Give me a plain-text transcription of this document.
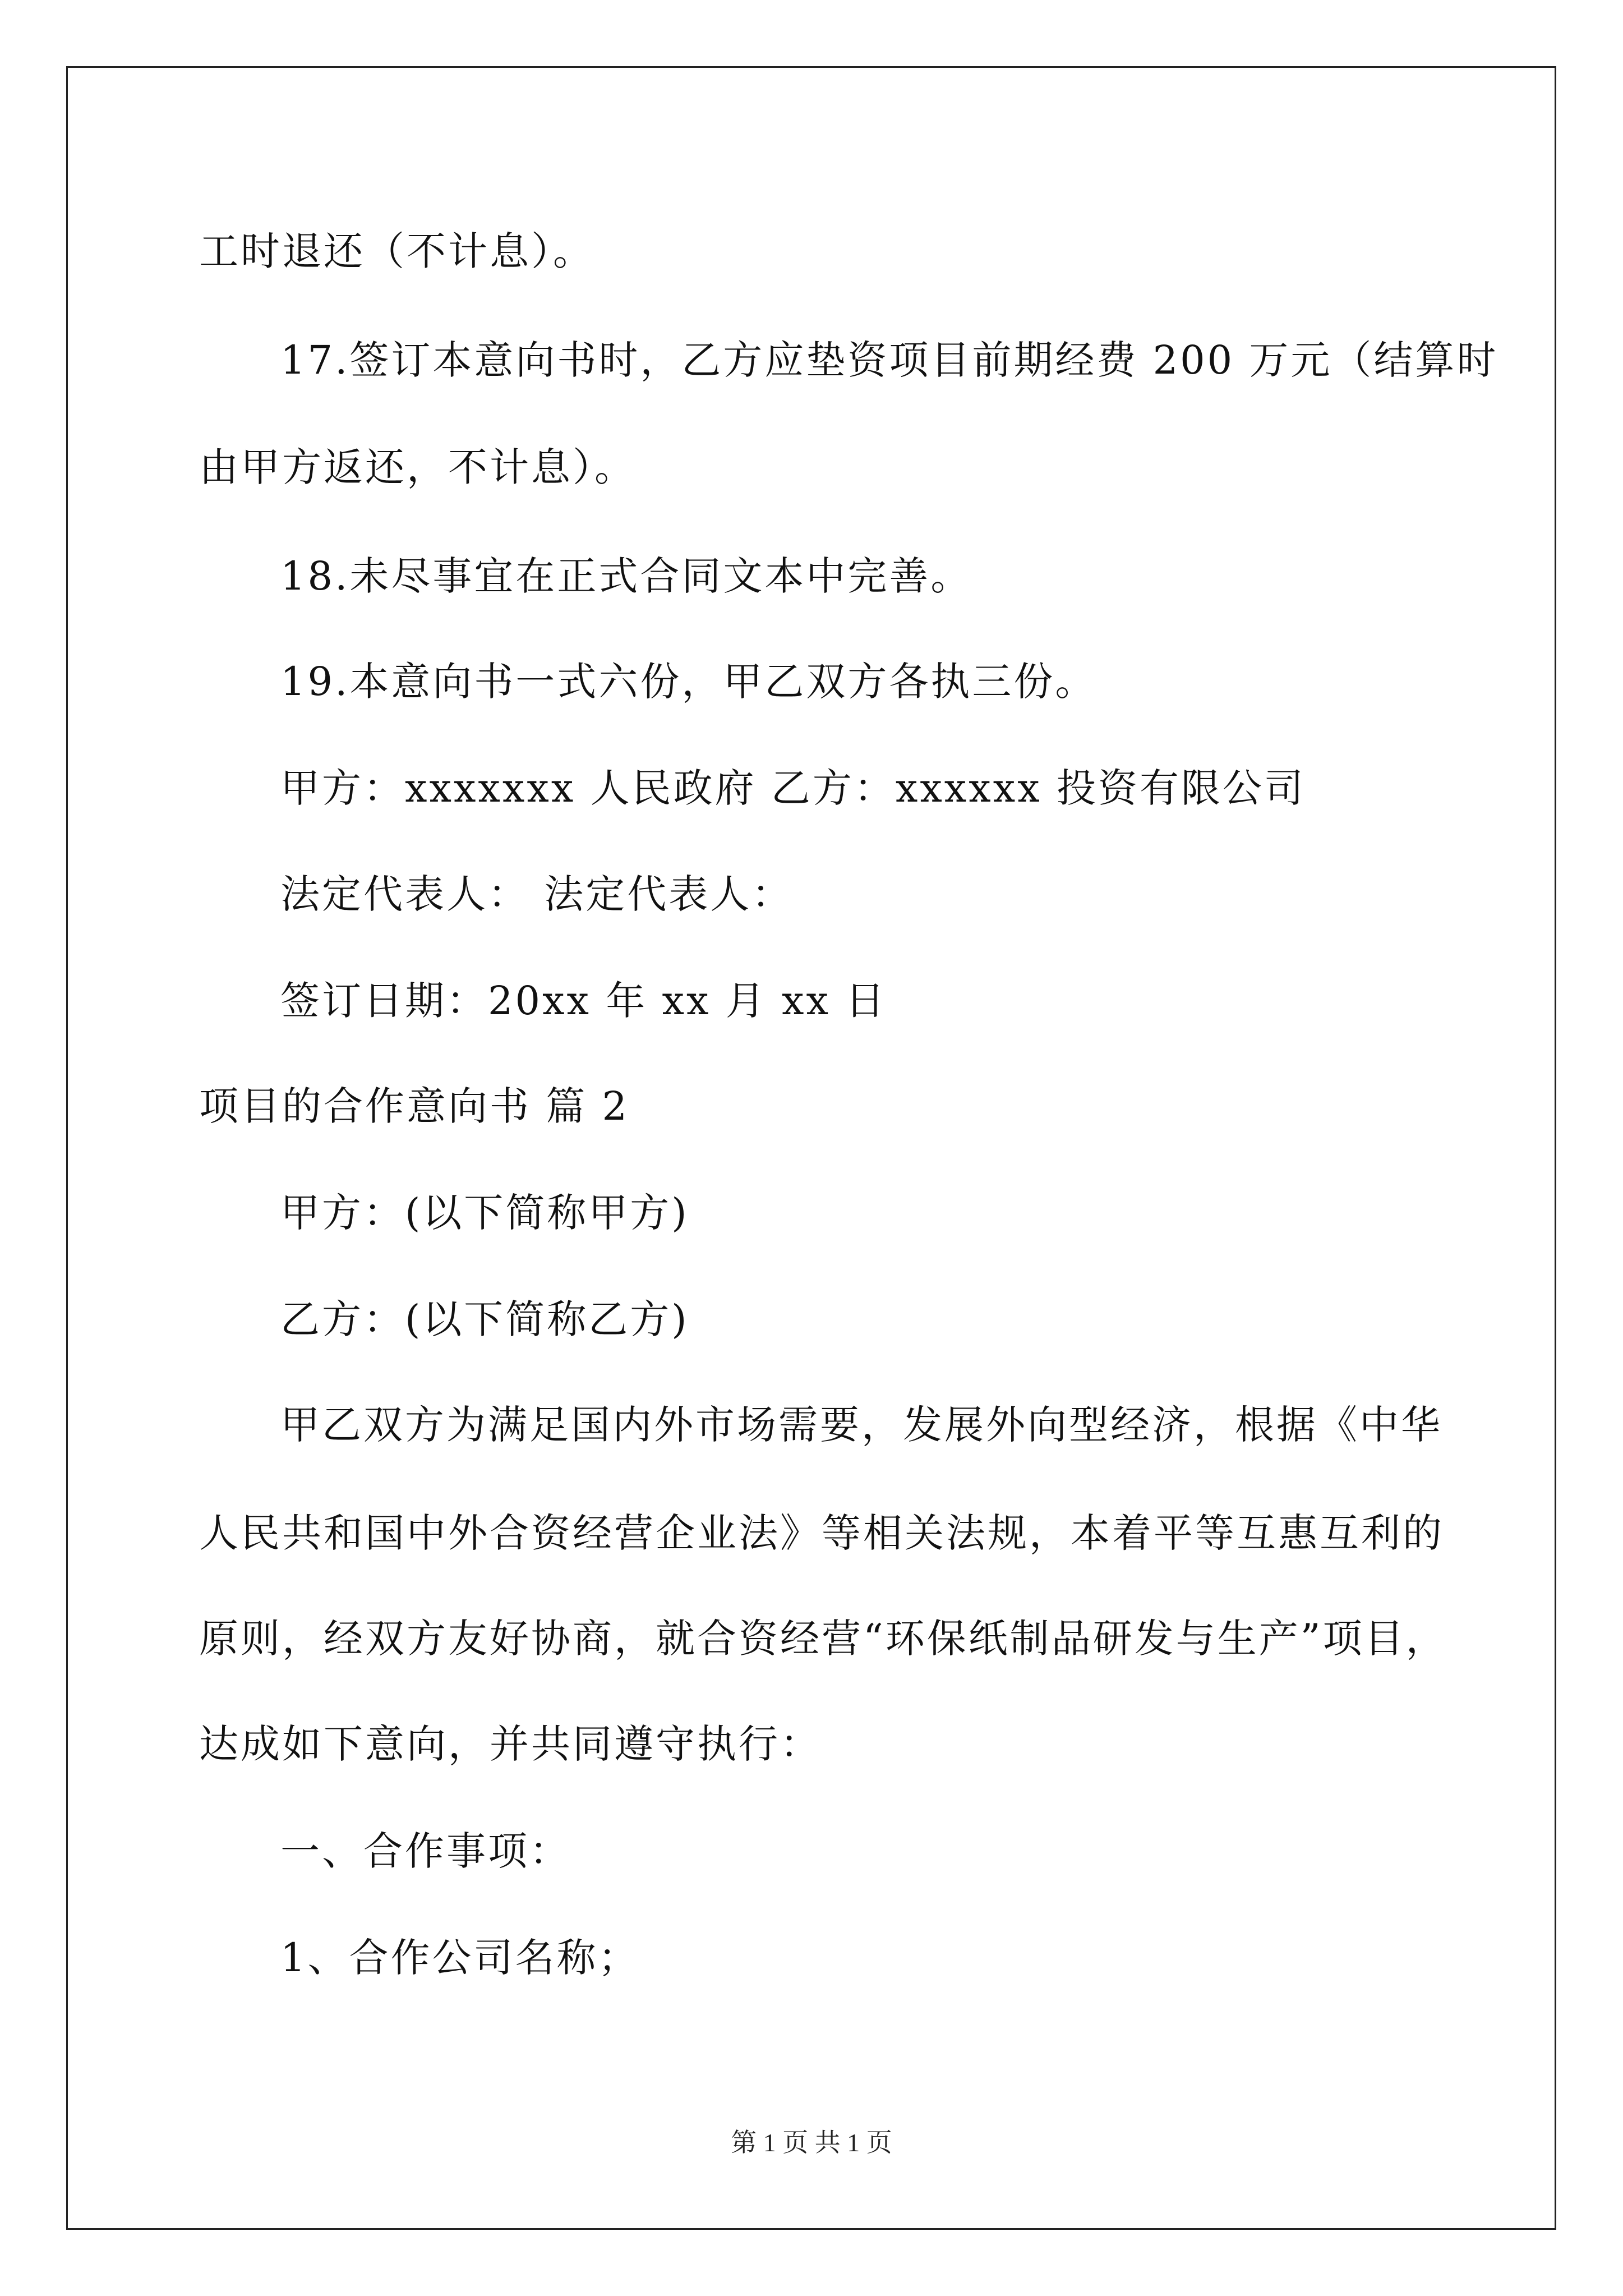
工时退还（不计息）。
17.签订本意向书时，乙方应垫资项目前期经费 200 万元（结算时
由甲方返还，不计息）。
18.未尽事宜在正式合同文本中完善。
19.本意向书一式六份，甲乙双方各执三份。
甲方：xxxxxxx 人民政府 乙方：xxxxxx 投资有限公司
法定代表人： 法定代表人：
签订日期：20xx 年 xx 月 xx 日
项目的合作意向书 篇 2
甲方：(以下简称甲方)
乙方：(以下简称乙方)
甲乙双方为满足国内外市场需要，发展外向型经济，根据《中华
人民共和国中外合资经营企业法》等相关法规，本着平等互惠互利的
原则，经双方友好协商，就合资经营“环保纸制品研发与生产”项目，
达成如下意向，并共同遵守执行：
一、合作事项：
1、合作公司名称；
第 1 页 共 1 页
